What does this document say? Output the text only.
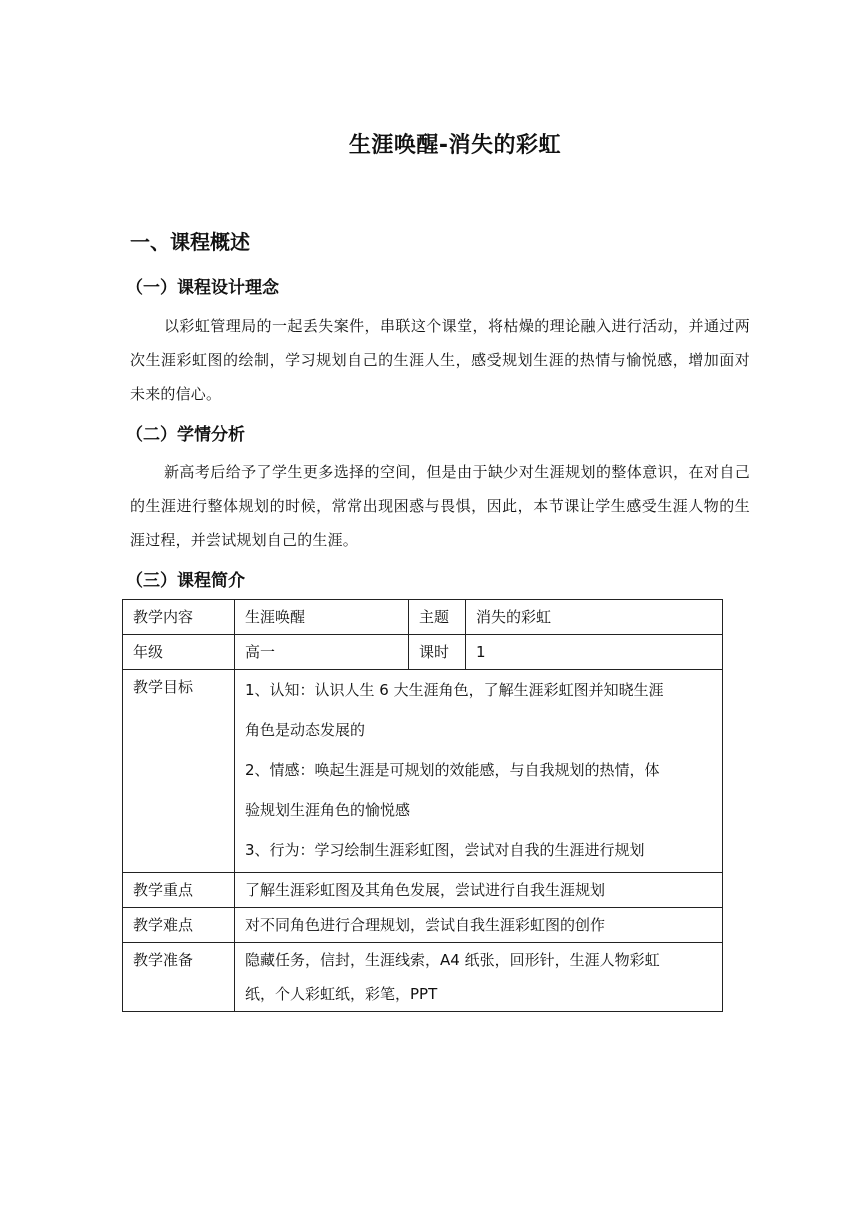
生涯唤醒-消失的彩虹
一、课程概述
（一）课程设计理念
以彩虹管理局的一起丢失案件，串联这个课堂，将枯燥的理论融入进行活动，并通过两次生涯彩虹图的绘制，学习规划自己的生涯人生，感受规划生涯的热情与愉悦感，增加面对未来的信心。
（二）学情分析
新高考后给予了学生更多选择的空间，但是由于缺少对生涯规划的整体意识，在对自己的生涯进行整体规划的时候，常常出现困惑与畏惧，因此，本节课让学生感受生涯人物的生涯过程，并尝试规划自己的生涯。
（三）课程简介
教学内容	生涯唤醒	主题	消失的彩虹
年级	高一	课时	1
教学目标	1、认知：认识人生 6 大生涯角色，了解生涯彩虹图并知晓生涯
角色是动态发展的
2、情感：唤起生涯是可规划的效能感，与自我规划的热情，体
验规划生涯角色的愉悦感
3、行为：学习绘制生涯彩虹图，尝试对自我的生涯进行规划		

教学重点	了解生涯彩虹图及其角色发展，尝试进行自我生涯规划		
教学难点	对不同角色进行合理规划，尝试自我生涯彩虹图的创作		
教学准备	隐藏任务，信封，生涯线索，A4 纸张，回形针，生涯人物彩虹
纸，个人彩虹纸，彩笔，PPT		
